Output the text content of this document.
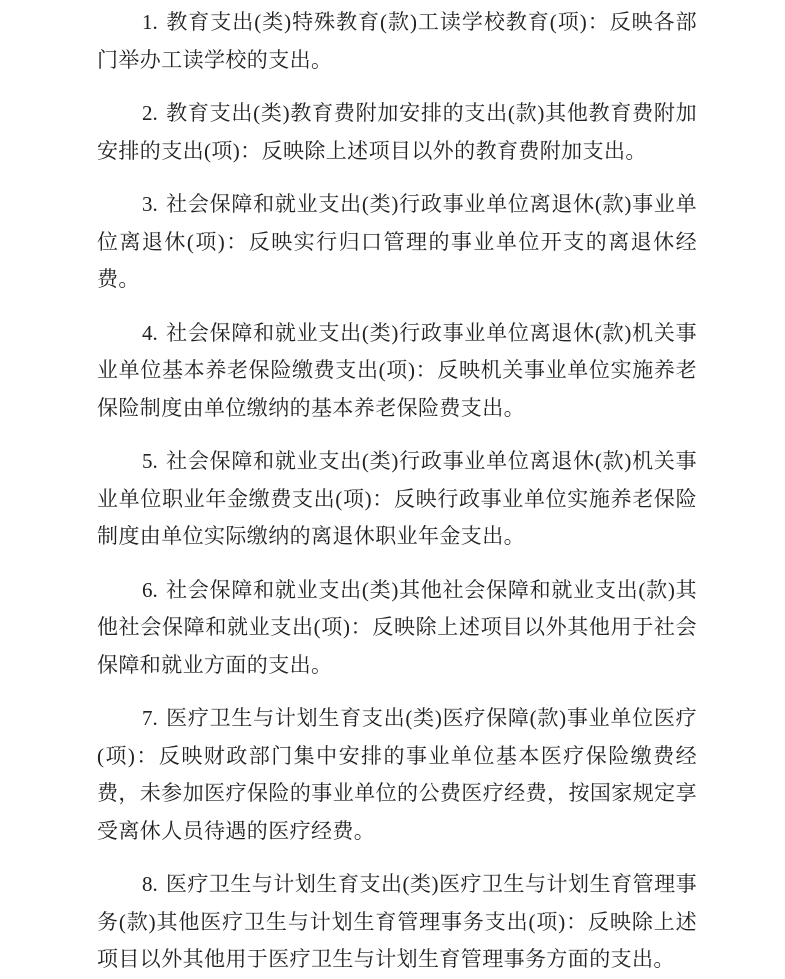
1. 教育支出(类)特殊教育(款)工读学校教育(项)：反映各部门举办工读学校的支出。

2. 教育支出(类)教育费附加安排的支出(款)其他教育费附加安排的支出(项)：反映除上述项目以外的教育费附加支出。

3. 社会保障和就业支出(类)行政事业单位离退休(款)事业单位离退休(项)：反映实行归口管理的事业单位开支的离退休经费。

4. 社会保障和就业支出(类)行政事业单位离退休(款)机关事业单位基本养老保险缴费支出(项)：反映机关事业单位实施养老保险制度由单位缴纳的基本养老保险费支出。

5. 社会保障和就业支出(类)行政事业单位离退休(款)机关事业单位职业年金缴费支出(项)：反映行政事业单位实施养老保险制度由单位实际缴纳的离退休职业年金支出。

6. 社会保障和就业支出(类)其他社会保障和就业支出(款)其他社会保障和就业支出(项)：反映除上述项目以外其他用于社会保障和就业方面的支出。

7. 医疗卫生与计划生育支出(类)医疗保障(款)事业单位医疗(项)：反映财政部门集中安排的事业单位基本医疗保险缴费经费，未参加医疗保险的事业单位的公费医疗经费，按国家规定享受离休人员待遇的医疗经费。

8. 医疗卫生与计划生育支出(类)医疗卫生与计划生育管理事务(款)其他医疗卫生与计划生育管理事务支出(项)：反映除上述项目以外其他用于医疗卫生与计划生育管理事务方面的支出。
